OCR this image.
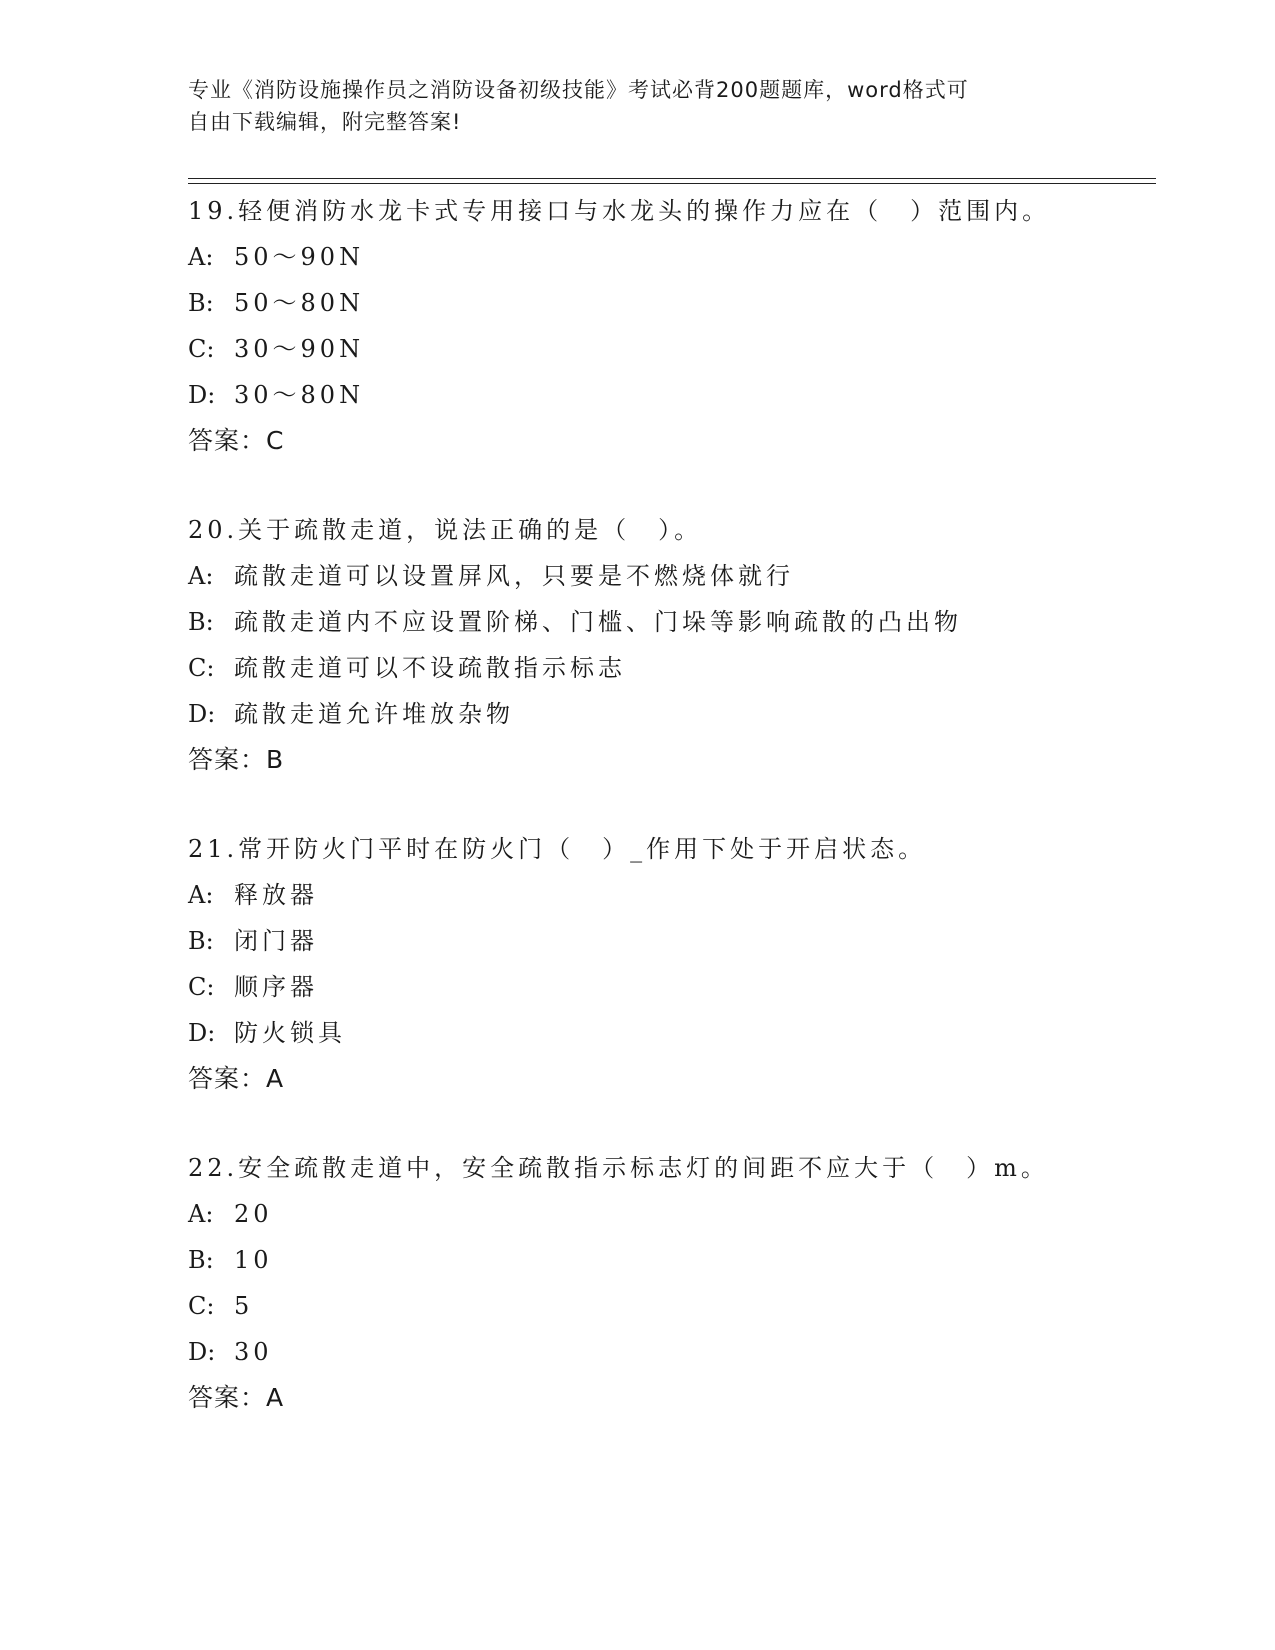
专业《消防设施操作员之消防设备初级技能》考试必背200题题库，word格式可
自由下载编辑，附完整答案!
19.轻便消防水龙卡式专用接口与水龙头的操作力应在（　）范围内。
A: 50～90N
B: 50～80N
C: 30～90N
D: 30～80N
答案：C
20.关于疏散走道，说法正确的是（　）。
A: 疏散走道可以设置屏风，只要是不燃烧体就行
B: 疏散走道内不应设置阶梯、门槛、门垛等影响疏散的凸出物
C: 疏散走道可以不设疏散指示标志
D: 疏散走道允许堆放杂物
答案：B
21.常开防火门平时在防火门（　）_作用下处于开启状态。
A: 释放器
B: 闭门器
C: 顺序器
D: 防火锁具
答案：A
22.安全疏散走道中，安全疏散指示标志灯的间距不应大于（　）m。
A: 20
B: 10
C: 5
D: 30
答案：A
